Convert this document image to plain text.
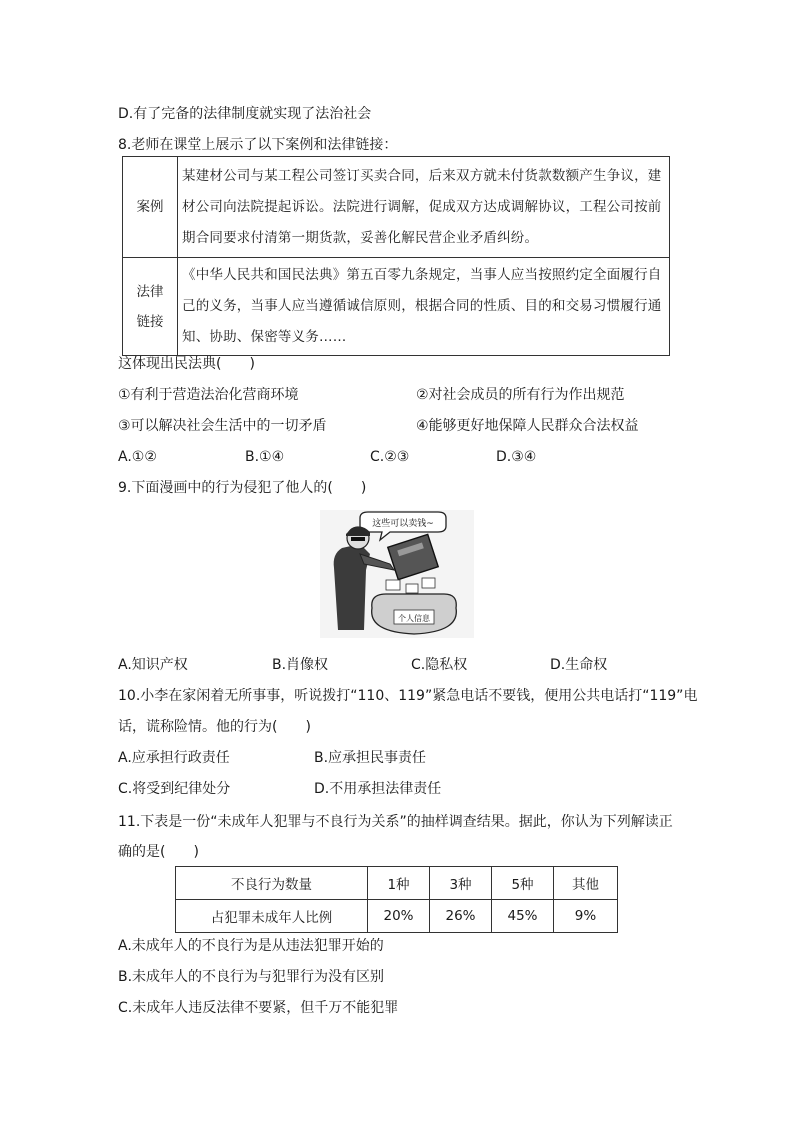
D.有了完备的法律制度就实现了法治社会
8.老师在课堂上展示了以下案例和法律链接：
案例	某建材公司与某工程公司签订买卖合同，后来双方就未付货款数额产生争议，建材公司向法院提起诉讼。法院进行调解，促成双方达成调解协议，工程公司按前期合同要求付清第一期货款，妥善化解民营企业矛盾纠纷。

法律
链接	《中华人民共和国民法典》第五百零九条规定，当事人应当按照约定全面履行自己的义务，当事人应当遵循诚信原则，根据合同的性质、目的和交易习惯履行通知、协助、保密等义务……
这体现出民法典(　　)
①有利于营造法治化营商环境	②对社会成员的所有行为作出规范
③可以解决社会生活中的一切矛盾	④能够更好地保障人民群众合法权益
A.①②	B.①④	C.②③	D.③④
9.下面漫画中的行为侵犯了他人的(　　)
这些可以卖钱~
个人信息
A.知识产权	B.肖像权	C.隐私权	D.生命权
10.小李在家闲着无所事事，听说拨打“110、119”紧急电话不要钱，便用公共电话打“119”电
话，谎称险情。他的行为(　　)
A.应承担行政责任	B.应承担民事责任
C.将受到纪律处分	D.不用承担法律责任
11.下表是一份“未成年人犯罪与不良行为关系”的抽样调查结果。据此，你认为下列解读正
确的是(　　)
不良行为数量	1种	3种	5种	其他
占犯罪未成年人比例	20%	26%	45%	9%
A.未成年人的不良行为是从违法犯罪开始的
B.未成年人的不良行为与犯罪行为没有区别
C.未成年人违反法律不要紧，但千万不能犯罪
